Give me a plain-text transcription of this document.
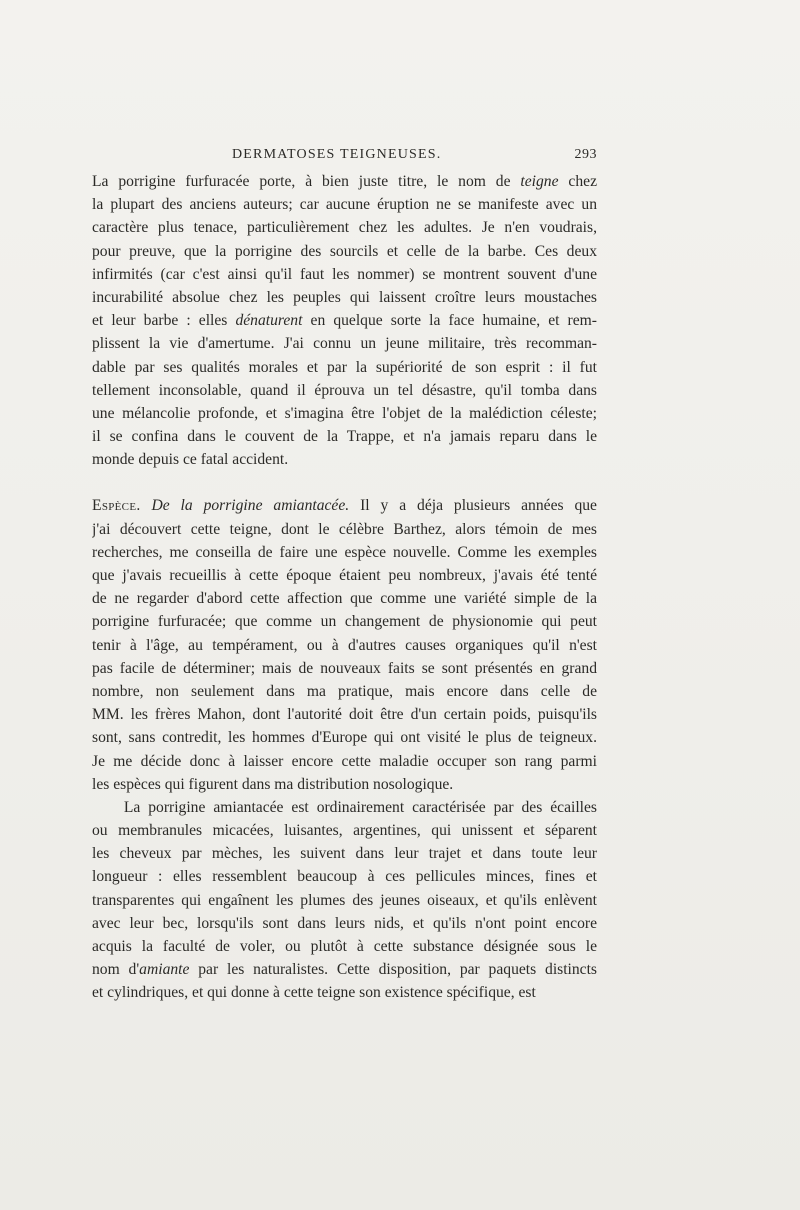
DERMATOSES TEIGNEUSES.	293
La porrigine furfuracée porte, à bien juste titre, le nom de teigne chez
la plupart des anciens auteurs; car aucune éruption ne se manifeste avec un
caractère plus tenace, particulièrement chez les adultes. Je n'en voudrais,
pour preuve, que la porrigine des sourcils et celle de la barbe. Ces deux
infirmités (car c'est ainsi qu'il faut les nommer) se montrent souvent d'une
incurabilité absolue chez les peuples qui laissent croître leurs moustaches
et leur barbe : elles dénaturent en quelque sorte la face humaine, et rem-
plissent la vie d'amertume. J'ai connu un jeune militaire, très recomman-
dable par ses qualités morales et par la supériorité de son esprit : il fut
tellement inconsolable, quand il éprouva un tel désastre, qu'il tomba dans
une mélancolie profonde, et s'imagina être l'objet de la malédiction céleste;
il se confina dans le couvent de la Trappe, et n'a jamais reparu dans le
monde depuis ce fatal accident.
Espèce. De la porrigine amiantacée. Il y a déja plusieurs années que
j'ai découvert cette teigne, dont le célèbre Barthez, alors témoin de mes
recherches, me conseilla de faire une espèce nouvelle. Comme les exemples
que j'avais recueillis à cette époque étaient peu nombreux, j'avais été tenté
de ne regarder d'abord cette affection que comme une variété simple de la
porrigine furfuracée; que comme un changement de physionomie qui peut
tenir à l'âge, au tempérament, ou à d'autres causes organiques qu'il n'est
pas facile de déterminer; mais de nouveaux faits se sont présentés en grand
nombre, non seulement dans ma pratique, mais encore dans celle de
MM. les frères Mahon, dont l'autorité doit être d'un certain poids, puisqu'ils
sont, sans contredit, les hommes d'Europe qui ont visité le plus de teigneux.
Je me décide donc à laisser encore cette maladie occuper son rang parmi
les espèces qui figurent dans ma distribution nosologique.
La porrigine amiantacée est ordinairement caractérisée par des écailles
ou membranules micacées, luisantes, argentines, qui unissent et séparent
les cheveux par mèches, les suivent dans leur trajet et dans toute leur
longueur : elles ressemblent beaucoup à ces pellicules minces, fines et
transparentes qui engaînent les plumes des jeunes oiseaux, et qu'ils enlèvent
avec leur bec, lorsqu'ils sont dans leurs nids, et qu'ils n'ont point encore
acquis la faculté de voler, ou plutôt à cette substance désignée sous le
nom d'amiante par les naturalistes. Cette disposition, par paquets distincts
et cylindriques, et qui donne à cette teigne son existence spécifique, est
